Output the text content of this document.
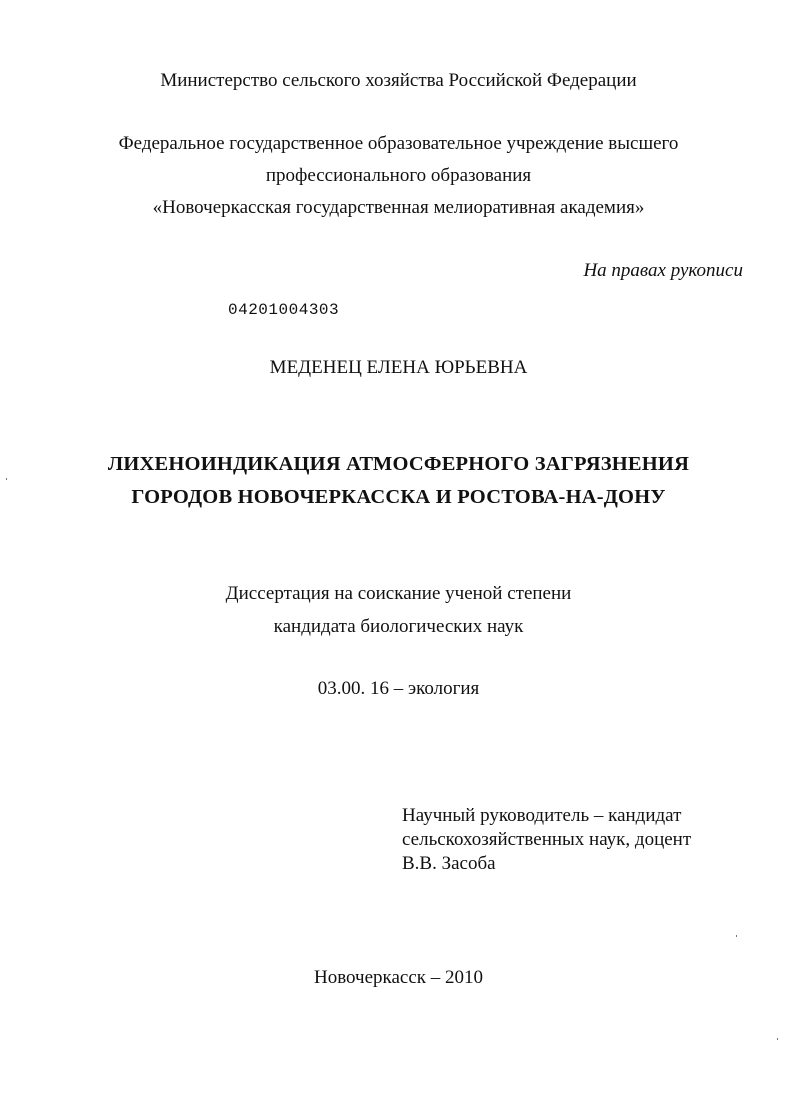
Министерство сельского хозяйства Российской Федерации
Федеральное государственное образовательное учреждение высшего
профессионального образования
«Новочеркасская государственная мелиоративная академия»
На правах рукописи
04201004303
МЕДЕНЕЦ ЕЛЕНА ЮРЬЕВНА
ЛИХЕНОИНДИКАЦИЯ АТМОСФЕРНОГО ЗАГРЯЗНЕНИЯ
ГОРОДОВ НОВОЧЕРКАССКА И РОСТОВА-НА-ДОНУ
Диссертация на соискание ученой степени
кандидата биологических наук
03.00. 16 – экология
Научный руководитель – кандидат
сельскохозяйственных наук, доцент
В.В. Засоба
Новочеркасск – 2010
